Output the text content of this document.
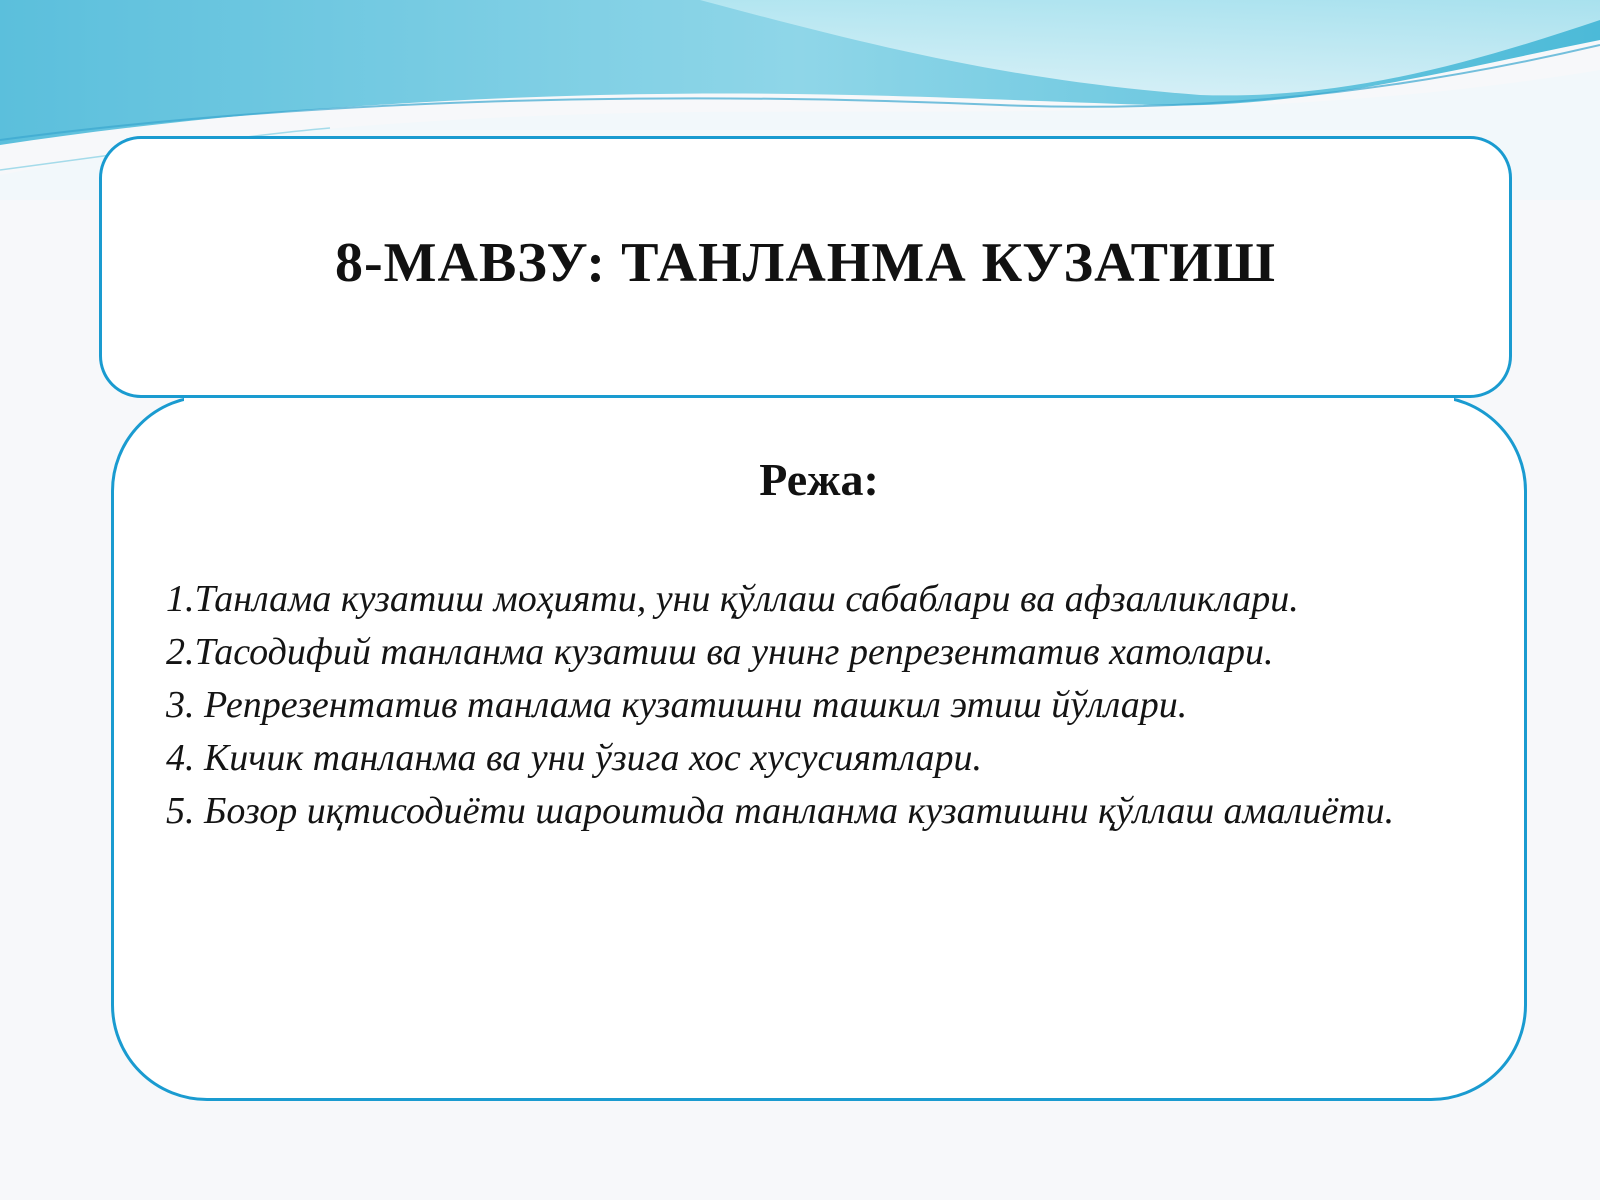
8-МАВЗУ: ТАНЛАНМА КУЗАТИШ
Режа:
1.Танлама кузатиш моҳияти, уни қўллаш сабаблари ва афзалликлари.
2.Тасодифий танланма кузатиш ва унинг репрезентатив хатолари.
3. Репрезентатив танлама кузатишни ташкил этиш йўллари.
4. Кичик танланма ва уни ўзига хос хусусиятлари.
5. Бозор иқтисодиёти шароитида танланма кузатишни қўллаш амалиёти.
